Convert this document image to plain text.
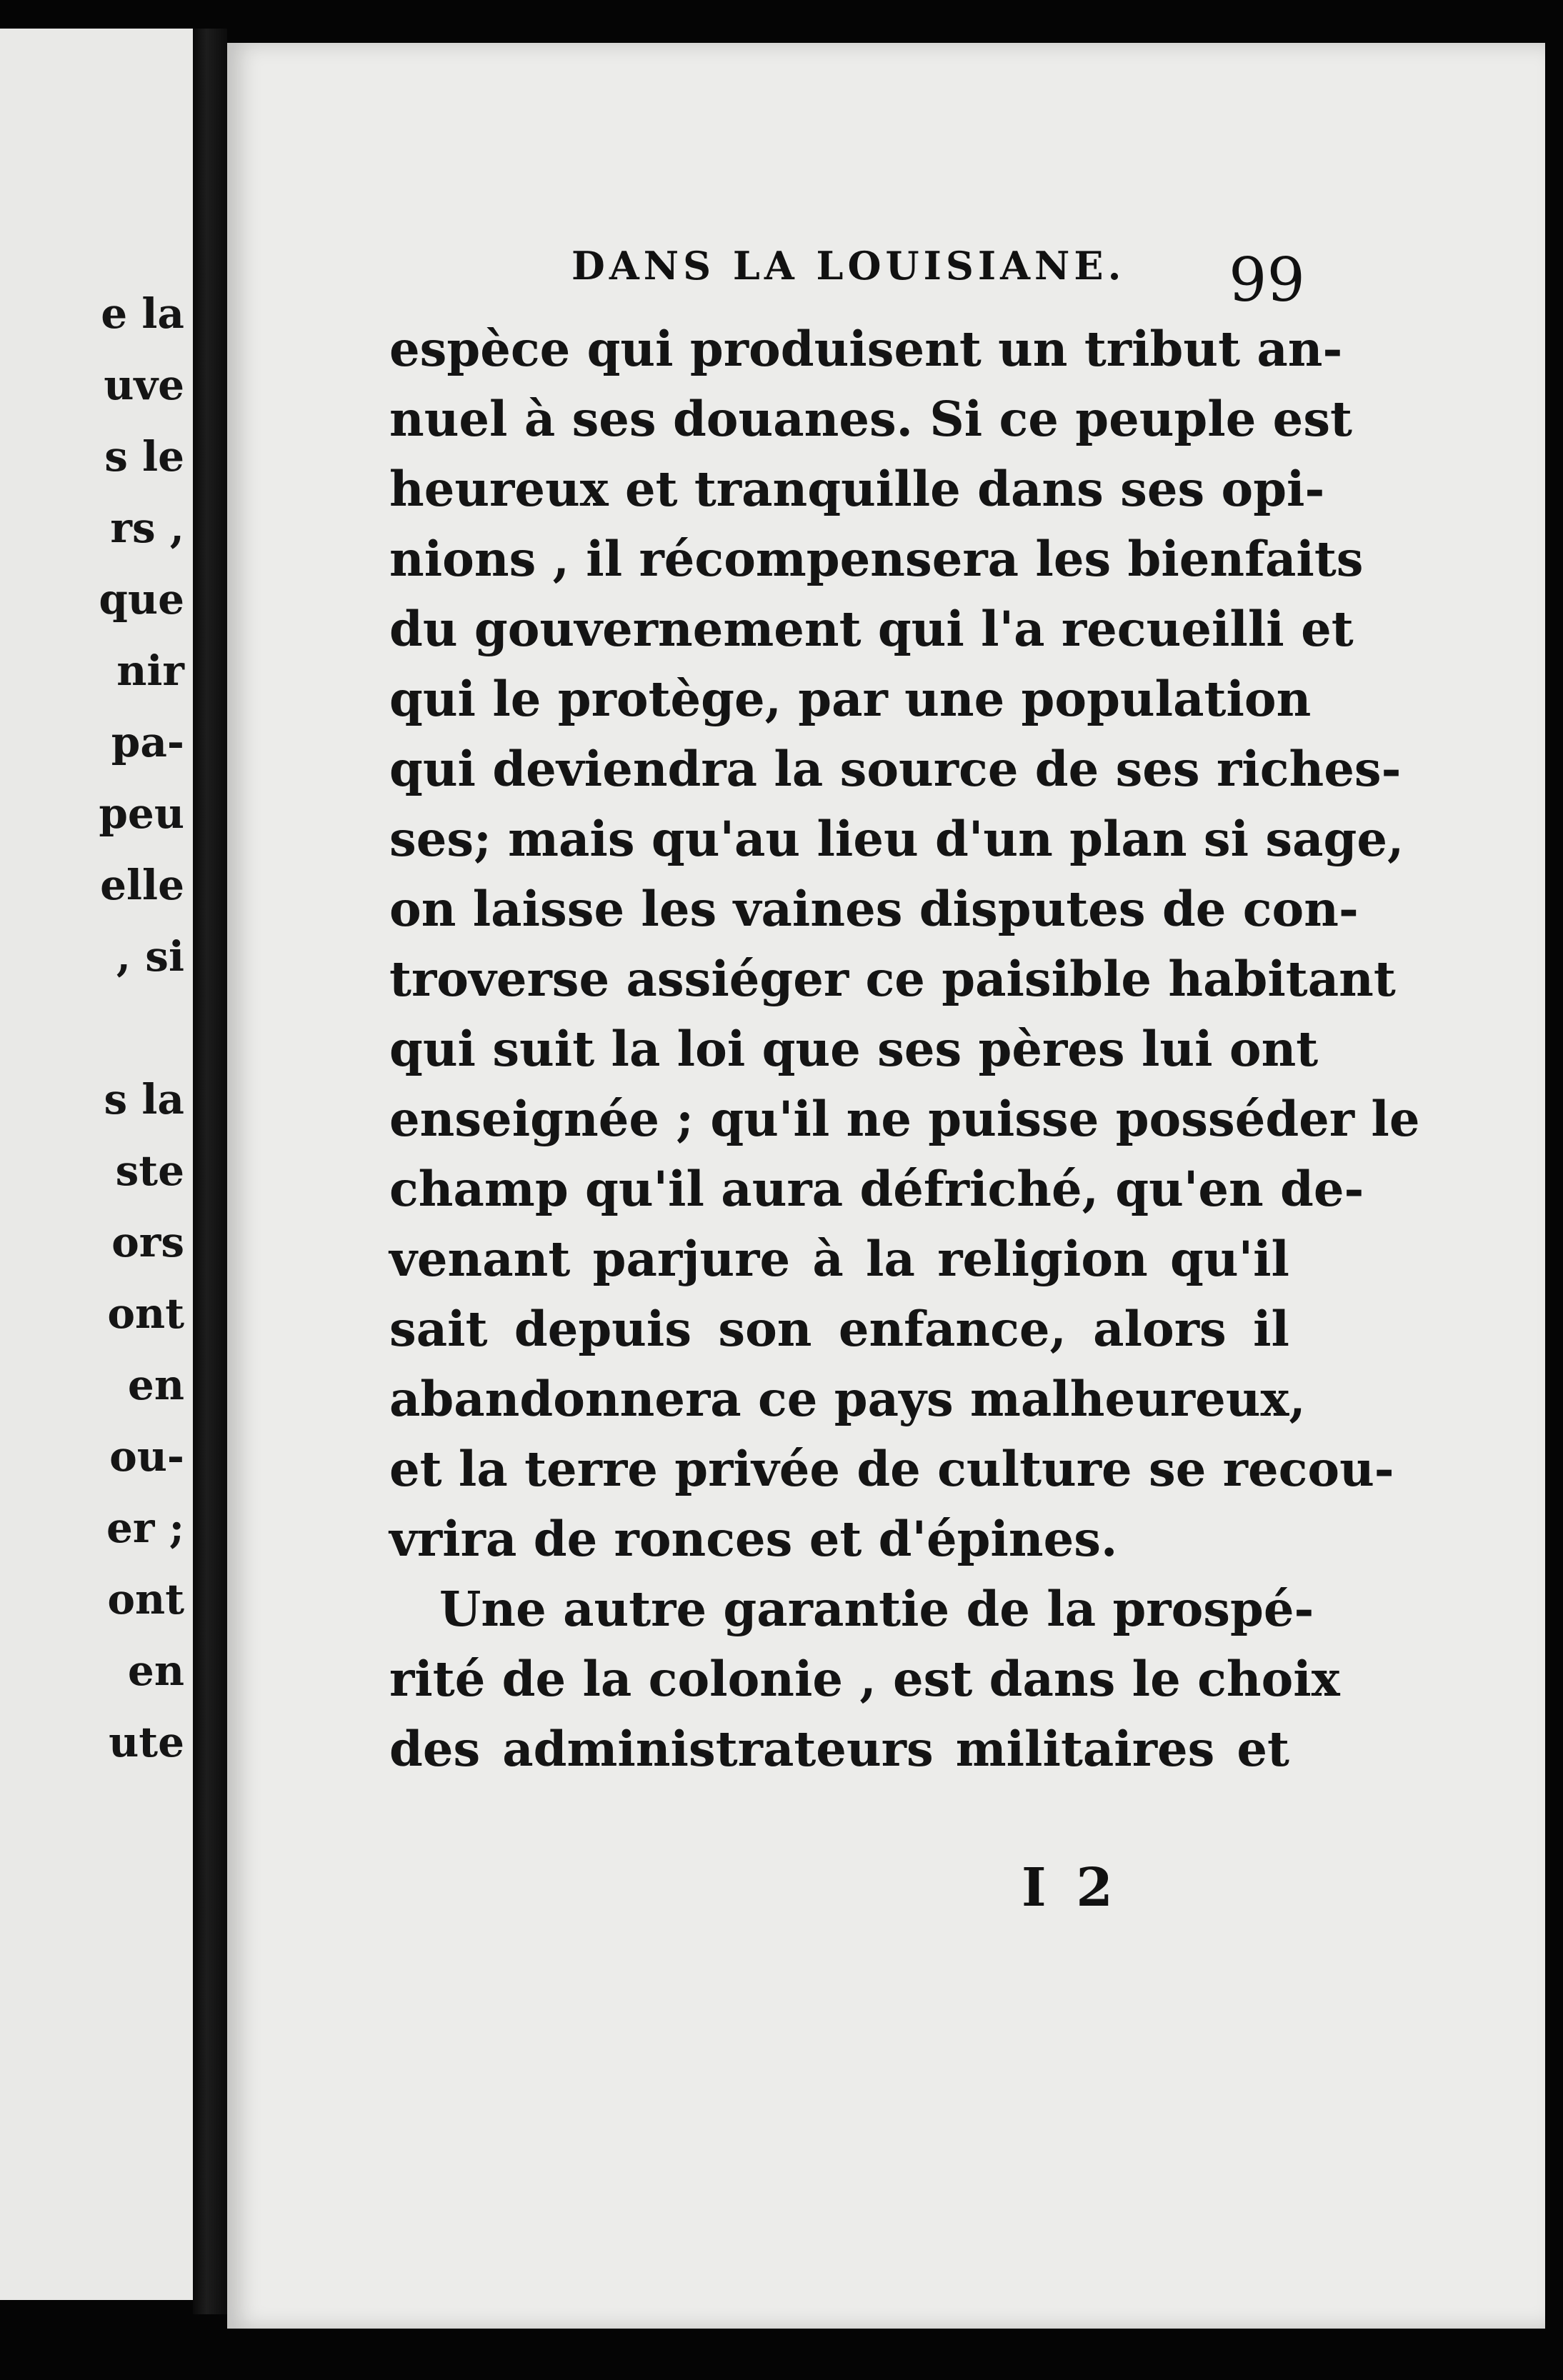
e la
uve
s le
rs ,
que
nir
pa-
peu
elle
, si
s la
ste
ors
ont
en
ou-
er ;
ont
en
ute
DANS LA LOUISIANE. 99
espèce qui produisent un tribut an-
nuel à ses douanes. Si ce peuple est
heureux et tranquille dans ses opi-
nions , il récompensera les bienfaits
du gouvernement qui l'a recueilli et
qui le protège, par une population
qui deviendra la source de ses riches-
ses; mais qu'au lieu d'un plan si sage,
on laisse les vaines disputes de con-
troverse assiéger ce paisible habitant
qui suit la loi que ses pères lui ont
enseignée ; qu'il ne puisse posséder le
champ qu'il aura défriché, qu'en de-
venant parjure à la religion qu'il
sait depuis son enfance, alors il
abandonnera ce pays malheureux,
et la terre privée de culture se recou-
vrira de ronces et d'épines.
Une autre garantie de la prospé-
rité de la colonie , est dans le choix
des administrateurs militaires et
I 2
